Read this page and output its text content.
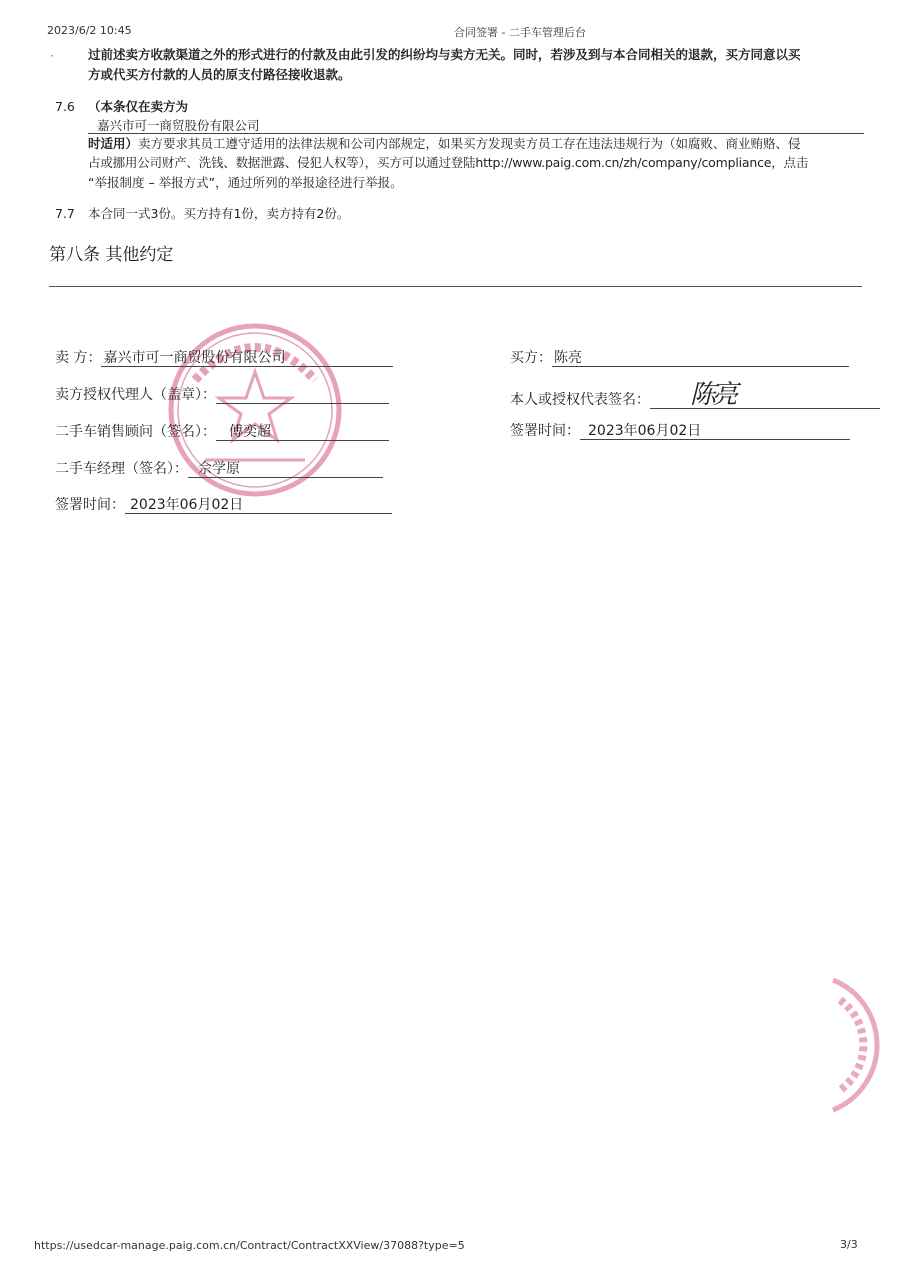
2023/6/2 10:45	合同签署 - 二手车管理后台
·	过前述卖方收款渠道之外的形式进行的付款及由此引发的纠纷均与卖方无关。同时，若涉及到与本合同相关的退款，买方同意以买
方或代买方付款的人员的原支付路径接收退款。
7.6 （本条仅在卖方为
嘉兴市可一商贸股份有限公司
时适用）卖方要求其员工遵守适用的法律法规和公司内部规定，如果买方发现卖方员工存在违法违规行为（如腐败、商业贿赂、侵
占或挪用公司财产、洗钱、数据泄露、侵犯人权等），买方可以通过登陆http://www.paig.com.cn/zh/company/compliance，点击
“举报制度 – 举报方式”，通过所列的举报途径进行举报。
7.7 本合同一式3份。买方持有1份，卖方持有2份。
第八条 其他约定
卖 方： 嘉兴市可一商贸股份有限公司
卖方授权代理人（盖章）：
二手车销售顾问（签名）： 傅奕超
二手车经理（签名）： 佘学原
签署时间： 2023年06月02日
买方： 陈亮
本人或授权代表签名： 陈亮
签署时间： 2023年06月02日
https://usedcar-manage.paig.com.cn/Contract/ContractXXView/37088?type=5	3/3
